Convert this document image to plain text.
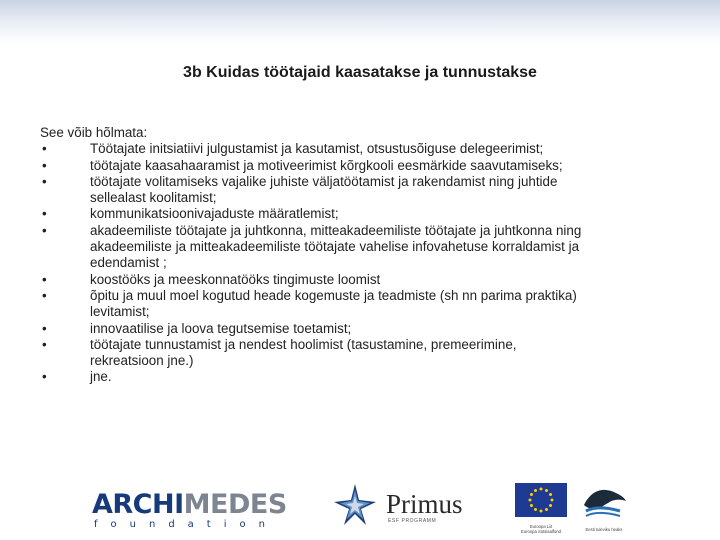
3b Kuidas töötajaid kaasatakse ja tunnustakse

See võib hõlmata:

•	Töötajate initsiatiivi julgustamist ja kasutamist, otsustusõiguse delegeerimist;
•	töötajate kaasahaaramist ja motiveerimist kõrgkooli eesmärkide saavutamiseks;
•	töötajate volitamiseks vajalike juhiste väljatöötamist ja rakendamist ning juhtide
sellealast koolitamist;
•	kommunikatsioonivajaduste määratlemist;
•	akadeemiliste töötajate ja juhtkonna, mitteakadeemiliste töötajate ja juhtkonna ning
akadeemiliste ja mitteakadeemiliste töötajate vahelise infovahetuse korraldamist ja
edendamist ;
•	koostööks ja meeskonnatööks tingimuste loomist
•	õpitu ja muul moel kogutud heade kogemuste ja teadmiste (sh nn parima praktika)
levitamist;
•	innovaatilise ja loova tegutsemise toetamist;
•	töötajate tunnustamist ja nendest hoolimist (tasustamine, premeerimine,
rekreatsioon jne.)
•	jne.
ARCHIMEDES
foundation
Primus
ESF PROGRAMM
Euroopa Liit
Euroopa Sotsiaalfond	Eesti tuleviku heaks
